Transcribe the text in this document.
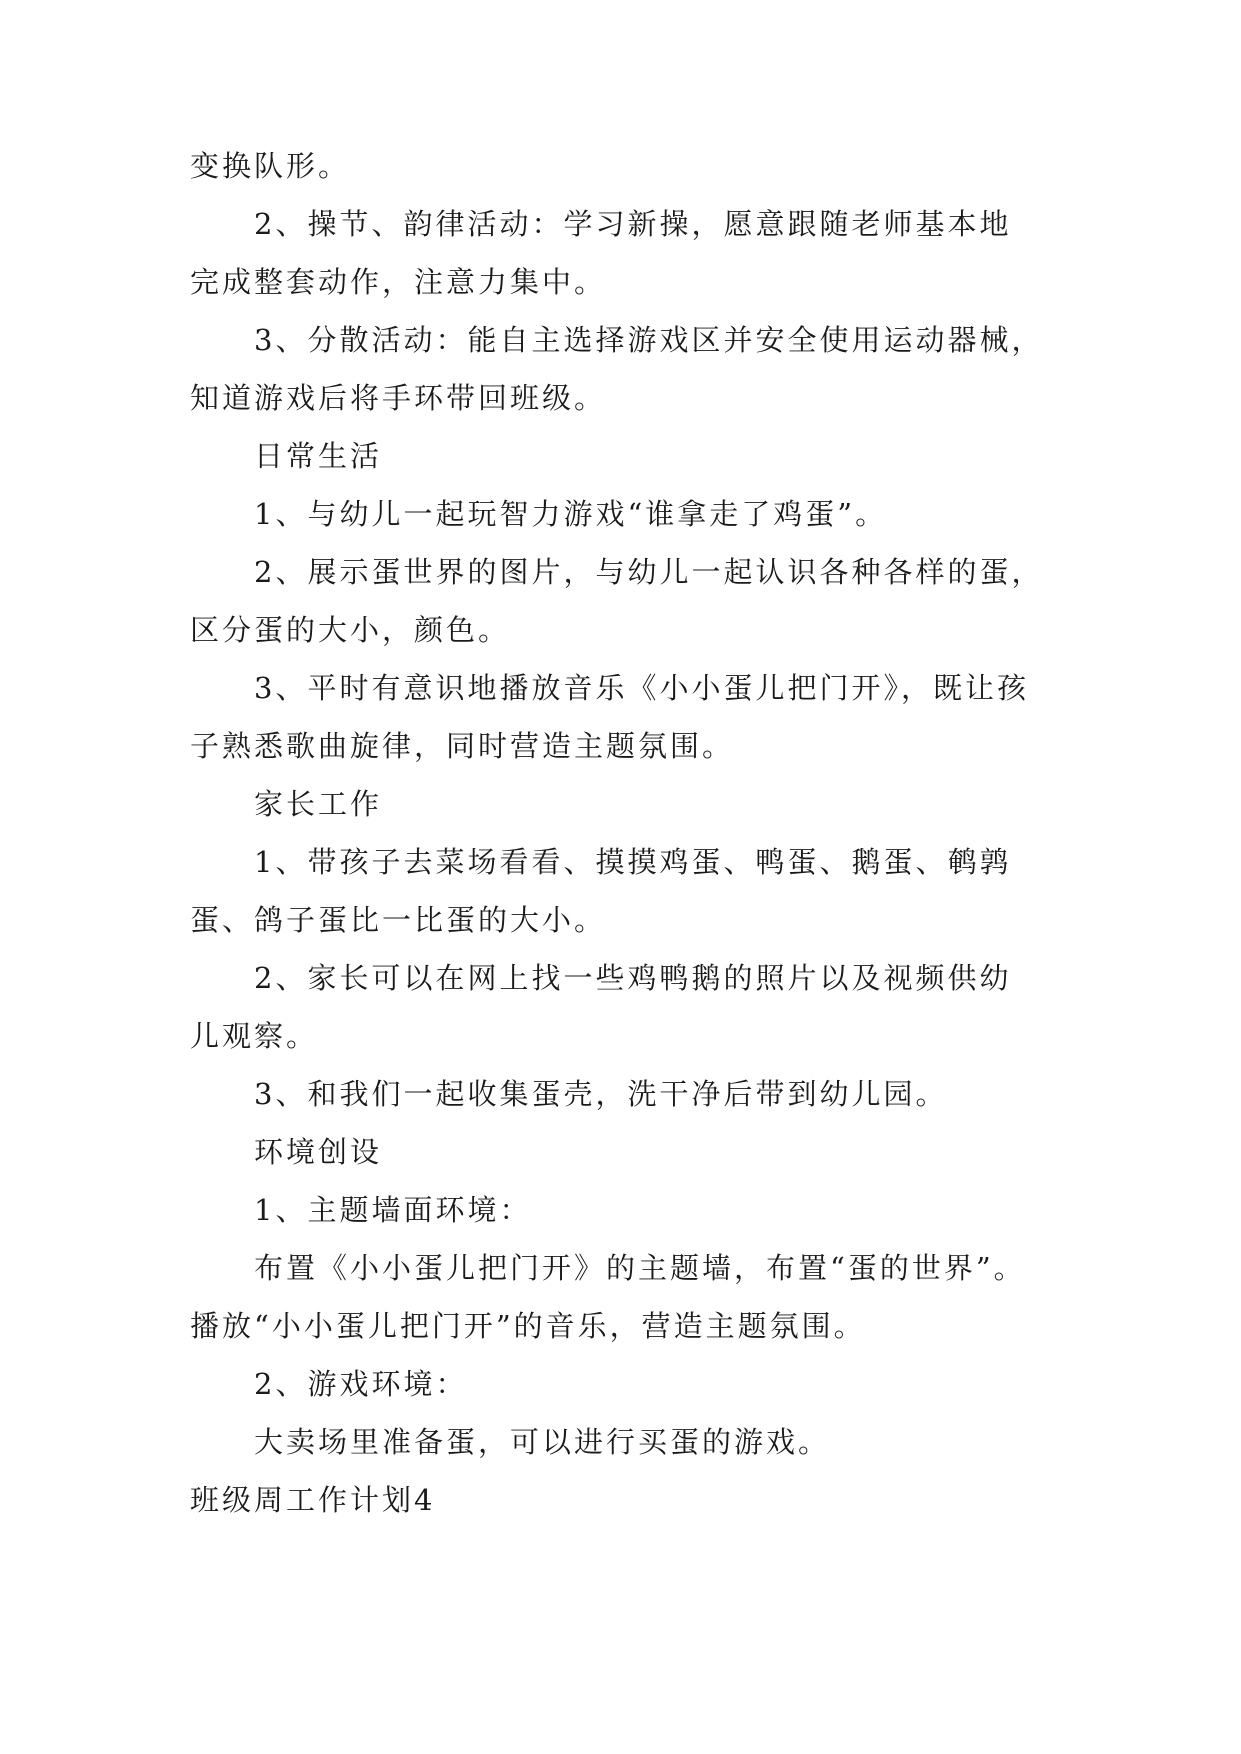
变换队形。
2、操节、韵律活动：学习新操，愿意跟随老师基本地
完成整套动作，注意力集中。
3、分散活动：能自主选择游戏区并安全使用运动器械，
知道游戏后将手环带回班级。
日常生活
1、与幼儿一起玩智力游戏“谁拿走了鸡蛋”。
2、展示蛋世界的图片，与幼儿一起认识各种各样的蛋，
区分蛋的大小，颜色。
3、平时有意识地播放音乐《小小蛋儿把门开》，既让孩
子熟悉歌曲旋律，同时营造主题氛围。
家长工作
1、带孩子去菜场看看、摸摸鸡蛋、鸭蛋、鹅蛋、鹌鹑
蛋、鸽子蛋比一比蛋的大小。
2、家长可以在网上找一些鸡鸭鹅的照片以及视频供幼
儿观察。
3、和我们一起收集蛋壳，洗干净后带到幼儿园。
环境创设
1、主题墙面环境：
布置《小小蛋儿把门开》的主题墙，布置“蛋的世界”。
播放“小小蛋儿把门开”的音乐，营造主题氛围。
2、游戏环境：
大卖场里准备蛋，可以进行买蛋的游戏。
班级周工作计划4
